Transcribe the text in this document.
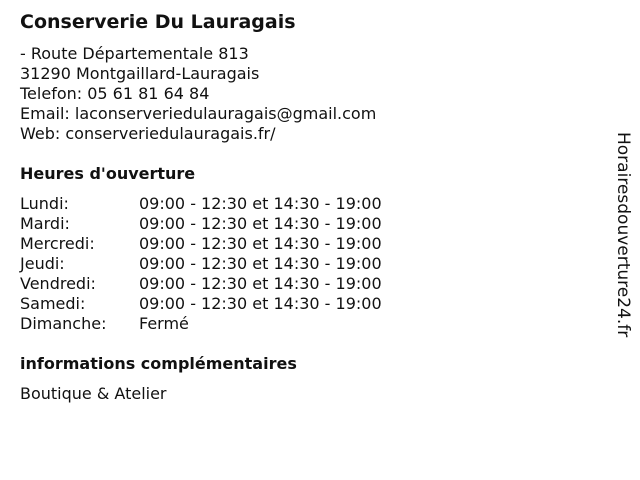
Conserverie Du Lauragais
- Route Départementale 813
31290 Montgaillard-Lauragais
Telefon: 05 61 81 64 84
Email: laconserveriedulauragais@gmail.com
Web: conserveriedulauragais.fr/
Heures d'ouverture
Lundi:	09:00 - 12:30 et 14:30 - 19:00
Mardi:	09:00 - 12:30 et 14:30 - 19:00
Mercredi:	09:00 - 12:30 et 14:30 - 19:00
Jeudi:	09:00 - 12:30 et 14:30 - 19:00
Vendredi:	09:00 - 12:30 et 14:30 - 19:00
Samedi:	09:00 - 12:30 et 14:30 - 19:00
Dimanche: Fermé
informations complémentaires
Boutique & Atelier
Horairesdouverture24.fr
